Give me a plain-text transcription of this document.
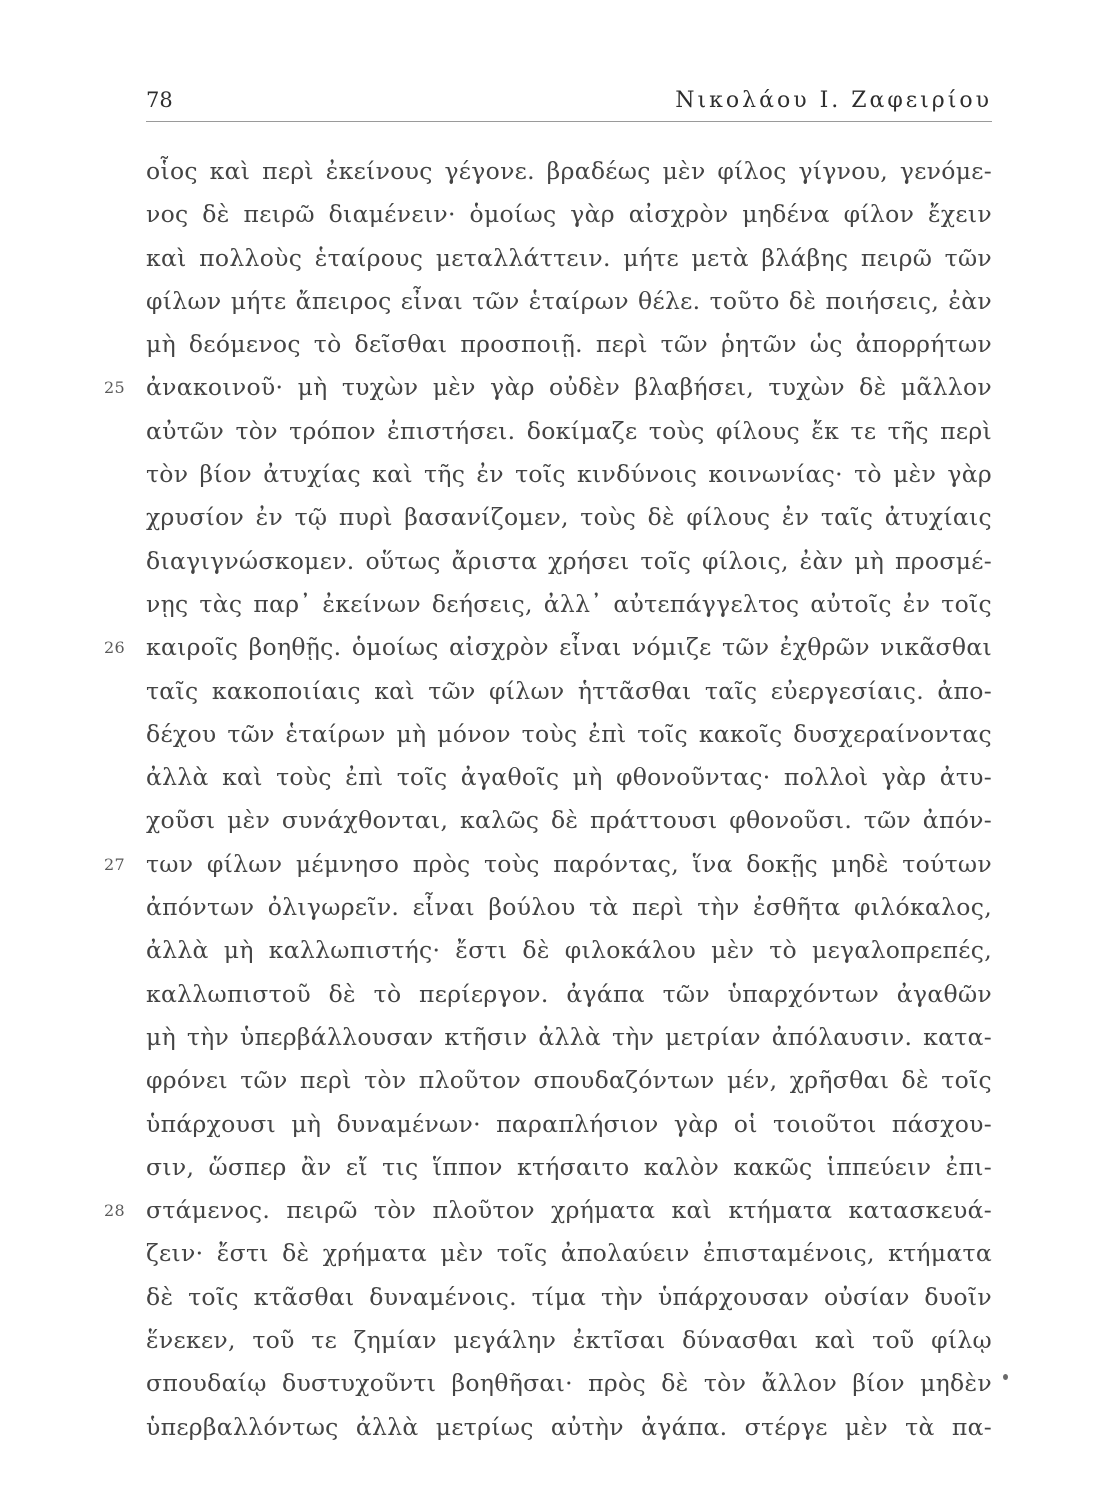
78	Νικολάου Ι. Ζαφειρίου
οἷος καὶ περὶ ἐκείνους γέγονε. βραδέως μὲν φίλος γίγνου, γενόμε-
νος δὲ πειρῶ διαμένειν· ὁμοίως γὰρ αἰσχρὸν μηδένα φίλον ἔχειν
καὶ πολλοὺς ἑταίρους μεταλλάττειν. μήτε μετὰ βλάβης πειρῶ τῶν
φίλων μήτε ἄπειρος εἶναι τῶν ἑταίρων θέλε. τοῦτο δὲ ποιήσεις, ἐὰν
μὴ δεόμενος τὸ δεῖσθαι προσποιῇ. περὶ τῶν ῥητῶν ὡς ἀπορρήτων
25 ἀνακοινοῦ· μὴ τυχὼν μὲν γὰρ οὐδὲν βλαβήσει, τυχὼν δὲ μᾶλλον
αὐτῶν τὸν τρόπον ἐπιστήσει. δοκίμαζε τοὺς φίλους ἔκ τε τῆς περὶ
τὸν βίον ἀτυχίας καὶ τῆς ἐν τοῖς κινδύνοις κοινωνίας· τὸ μὲν γὰρ
χρυσίον ἐν τῷ πυρὶ βασανίζομεν, τοὺς δὲ φίλους ἐν ταῖς ἀτυχίαις
διαγιγνώσκομεν. οὕτως ἄριστα χρήσει τοῖς φίλοις, ἐὰν μὴ προσμέ-
νῃς τὰς παρ᾽ ἐκείνων δεήσεις, ἀλλ᾽ αὐτεπάγγελτος αὐτοῖς ἐν τοῖς
26 καιροῖς βοηθῇς. ὁμοίως αἰσχρὸν εἶναι νόμιζε τῶν ἐχθρῶν νικᾶσθαι
ταῖς κακοποιίαις καὶ τῶν φίλων ἡττᾶσθαι ταῖς εὐεργεσίαις. ἀπο-
δέχου τῶν ἑταίρων μὴ μόνον τοὺς ἐπὶ τοῖς κακοῖς δυσχεραίνοντας
ἀλλὰ καὶ τοὺς ἐπὶ τοῖς ἀγαθοῖς μὴ φθονοῦντας· πολλοὶ γὰρ ἀτυ-
χοῦσι μὲν συνάχθονται, καλῶς δὲ πράττουσι φθονοῦσι. τῶν ἀπόν-
27 των φίλων μέμνησο πρὸς τοὺς παρόντας, ἵνα δοκῇς μηδὲ τούτων
ἀπόντων ὀλιγωρεῖν. εἶναι βούλου τὰ περὶ τὴν ἐσθῆτα φιλόκαλος,
ἀλλὰ μὴ καλλωπιστής· ἔστι δὲ φιλοκάλου μὲν τὸ μεγαλοπρεπές,
καλλωπιστοῦ δὲ τὸ περίεργον. ἀγάπα τῶν ὑπαρχόντων ἀγαθῶν
μὴ τὴν ὑπερβάλλουσαν κτῆσιν ἀλλὰ τὴν μετρίαν ἀπόλαυσιν. κατα-
φρόνει τῶν περὶ τὸν πλοῦτον σπουδαζόντων μέν, χρῆσθαι δὲ τοῖς
ὑπάρχουσι μὴ δυναμένων· παραπλήσιον γὰρ οἱ τοιοῦτοι πάσχου-
σιν, ὥσπερ ἂν εἴ τις ἵππον κτήσαιτο καλὸν κακῶς ἱππεύειν ἐπι-
28 στάμενος. πειρῶ τὸν πλοῦτον χρήματα καὶ κτήματα κατασκευά-
ζειν· ἔστι δὲ χρήματα μὲν τοῖς ἀπολαύειν ἐπισταμένοις, κτήματα
δὲ τοῖς κτᾶσθαι δυναμένοις. τίμα τὴν ὑπάρχουσαν οὐσίαν δυοῖν
ἕνεκεν, τοῦ τε ζημίαν μεγάλην ἐκτῖσαι δύνασθαι καὶ τοῦ φίλῳ
σπουδαίῳ δυστυχοῦντι βοηθῆσαι· πρὸς δὲ τὸν ἄλλον βίον μηδὲν
ὑπερβαλλόντως ἀλλὰ μετρίως αὐτὴν ἀγάπα. στέργε μὲν τὰ πα-
